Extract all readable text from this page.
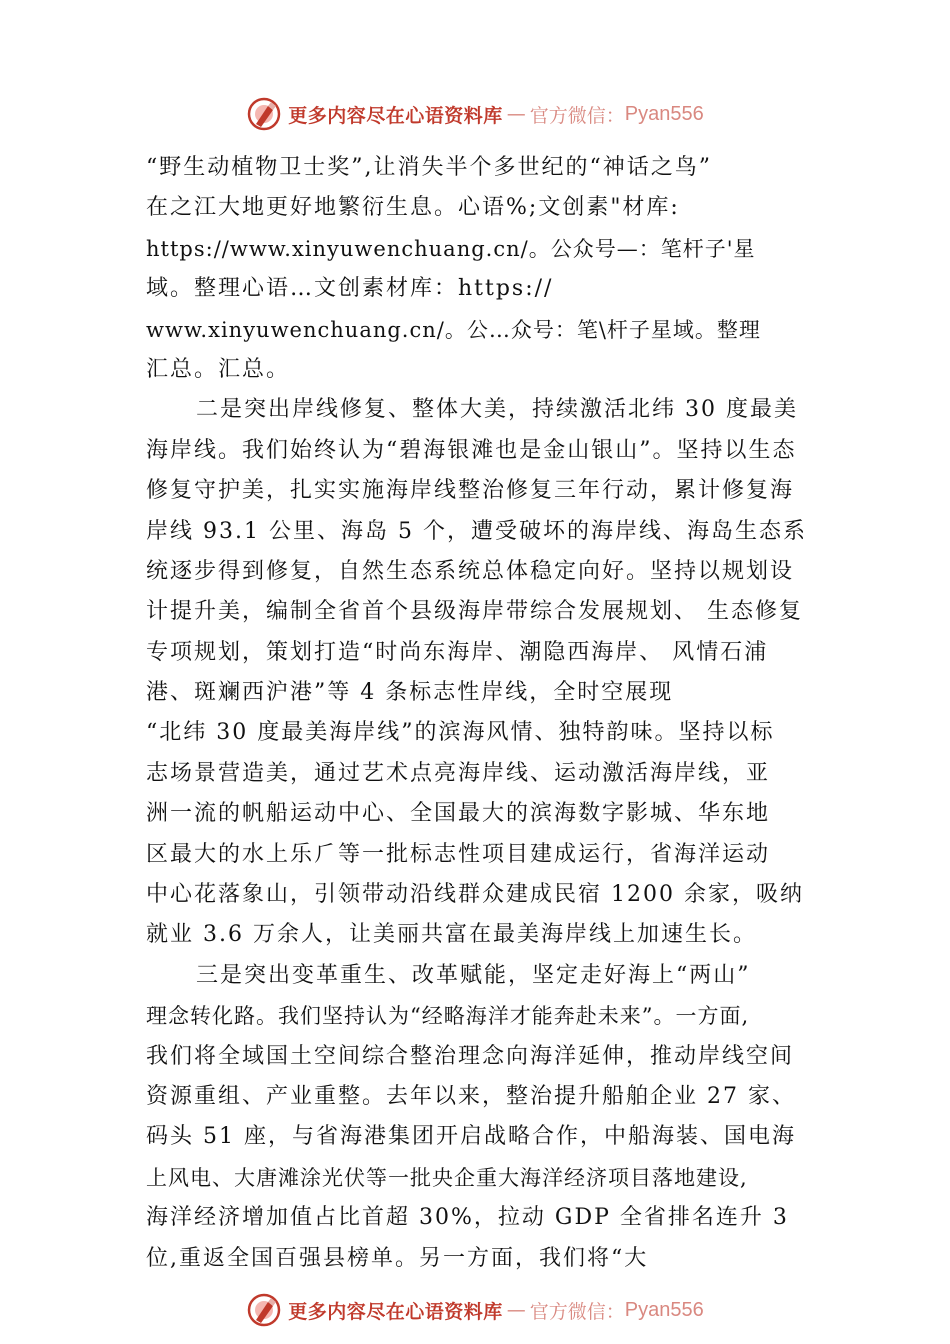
更多内容尽在心语资料库 — 官方微信： Pyan556
“野生动植物卫士奖”,让消失半个多世纪的“神话之鸟”
在之江大地更好地繁衍生息。心语%;文创素"材库:
https://www.xinyuwenchuang.cn/。公众号—：笔杆子'星
域。整理心语…文创素材库：https://
www.xinyuwenchuang.cn/。公…众号：笔\杆子星域。整理
汇总。汇总。
二是突出岸线修复、整体大美，持续激活北纬 30 度最美
海岸线。我们始终认为“碧海银滩也是金山银山”。坚持以生态
修复守护美，扎实实施海岸线整治修复三年行动，累计修复海
岸线 93.1 公里、海岛 5 个，遭受破坏的海岸线、海岛生态系
统逐步得到修复，自然生态系统总体稳定向好。坚持以规划设
计提升美，编制全省首个县级海岸带综合发展规划、 生态修复
专项规划，策划打造“时尚东海岸、潮隐西海岸、 风情石浦
港、斑斓西沪港”等 4 条标志性岸线，全时空展现
“北纬 30 度最美海岸线”的滨海风情、独特韵味。坚持以标
志场景营造美，通过艺术点亮海岸线、运动激活海岸线，亚
洲一流的帆船运动中心、全国最大的滨海数字影城、华东地
区最大的水上乐⺁等一批标志性项目建成运行，省海洋运动
中心花落象山，引领带动沿线群众建成民宿 1200 余家，吸纳
就业 3.6 万余人，让美丽共富在最美海岸线上加速生长。
三是突出变革重生、改革赋能，坚定走好海上“两山”
理念转化路。我们坚持认为“经略海洋才能奔赴未来”。一方面,
我们将全域国土空间综合整治理念向海洋延伸，推动岸线空间
资源重组、产业重整。去年以来，整治提升船舶企业 27 家、
码头 51 座，与省海港集团开启战略合作，中船海装、国电海
上风电、大唐滩涂光伏等一批央企重大海洋经济项目落地建设,
海洋经济增加值占比首超 30%，拉动 GDP 全省排名连升 3
位,重返全国百强县榜单。另一方面，我们将“大
更多内容尽在心语资料库 — 官方微信： Pyan556
